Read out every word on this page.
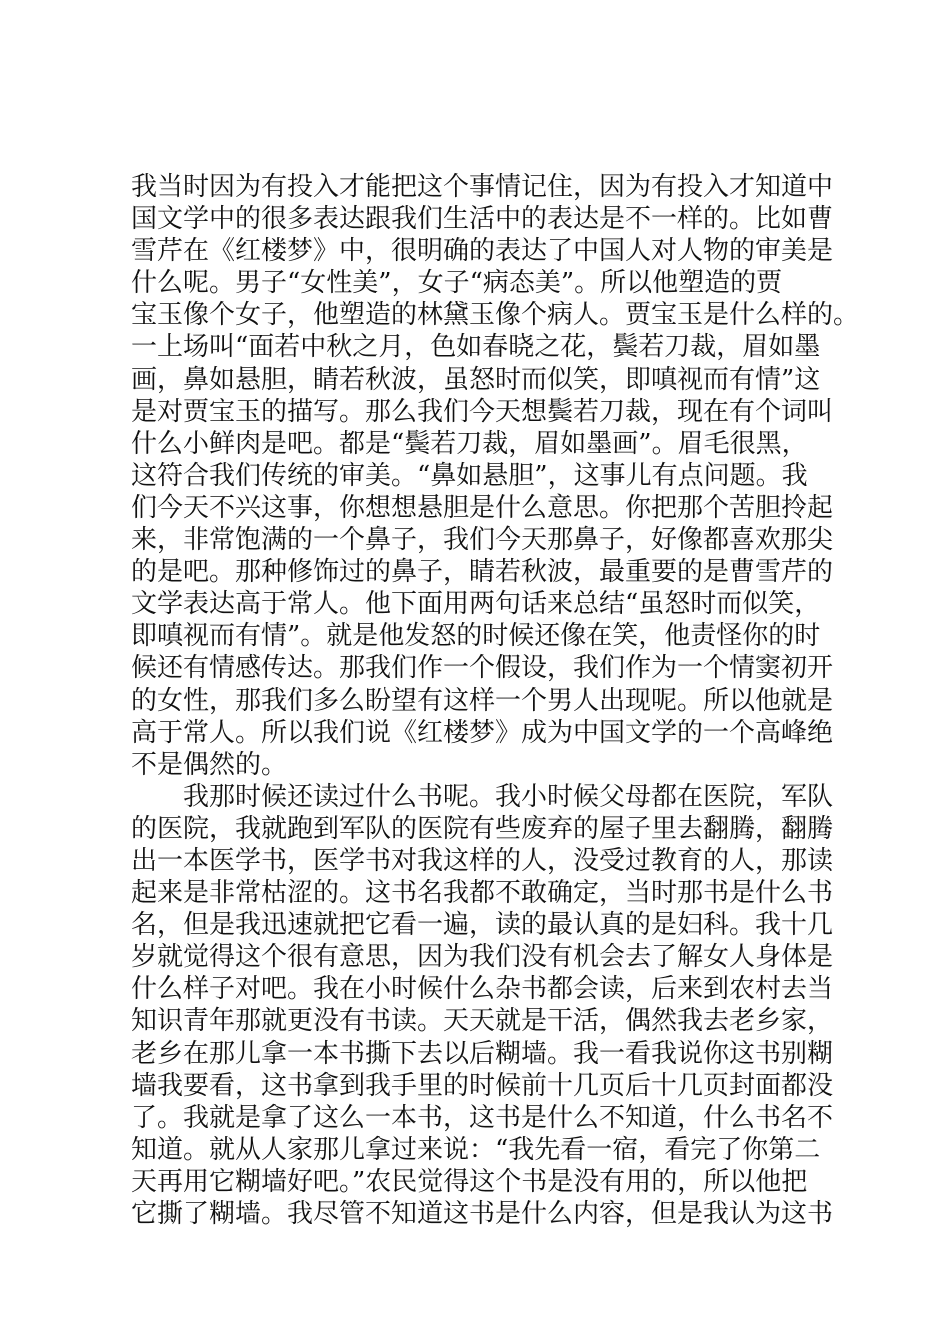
我当时因为有投入才能把这个事情记住，因为有投入才知道中
国文学中的很多表达跟我们生活中的表达是不一样的。比如曹
雪芹在《红楼梦》中，很明确的表达了中国人对人物的审美是
什么呢。男子“女性美”，女子“病态美”。所以他塑造的贾
宝玉像个女子，他塑造的林黛玉像个病人。贾宝玉是什么样的。
一上场叫“面若中秋之月，色如春晓之花，鬓若刀裁，眉如墨
画，鼻如悬胆，睛若秋波，虽怒时而似笑，即嗔视而有情”这
是对贾宝玉的描写。那么我们今天想鬓若刀裁，现在有个词叫
什么小鲜肉是吧。都是“鬓若刀裁，眉如墨画”。眉毛很黑，
这符合我们传统的审美。“鼻如悬胆”，这事儿有点问题。我
们今天不兴这事，你想想悬胆是什么意思。你把那个苦胆拎起
来，非常饱满的一个鼻子，我们今天那鼻子，好像都喜欢那尖
的是吧。那种修饰过的鼻子，睛若秋波，最重要的是曹雪芹的
文学表达高于常人。他下面用两句话来总结“虽怒时而似笑，
即嗔视而有情”。就是他发怒的时候还像在笑，他责怪你的时
候还有情感传达。那我们作一个假设，我们作为一个情窦初开
的女性，那我们多么盼望有这样一个男人出现呢。所以他就是
高于常人。所以我们说《红楼梦》成为中国文学的一个高峰绝
不是偶然的。
我那时候还读过什么书呢。我小时候父母都在医院，军队
的医院，我就跑到军队的医院有些废弃的屋子里去翻腾，翻腾
出一本医学书，医学书对我这样的人，没受过教育的人，那读
起来是非常枯涩的。这书名我都不敢确定，当时那书是什么书
名，但是我迅速就把它看一遍，读的最认真的是妇科。我十几
岁就觉得这个很有意思，因为我们没有机会去了解女人身体是
什么样子对吧。我在小时候什么杂书都会读，后来到农村去当
知识青年那就更没有书读。天天就是干活，偶然我去老乡家，
老乡在那儿拿一本书撕下去以后糊墙。我一看我说你这书别糊
墙我要看，这书拿到我手里的时候前十几页后十几页封面都没
了。我就是拿了这么一本书，这书是什么不知道，什么书名不
知道。就从人家那儿拿过来说：“我先看一宿，看完了你第二
天再用它糊墙好吧。”农民觉得这个书是没有用的，所以他把
它撕了糊墙。我尽管不知道这书是什么内容，但是我认为这书
